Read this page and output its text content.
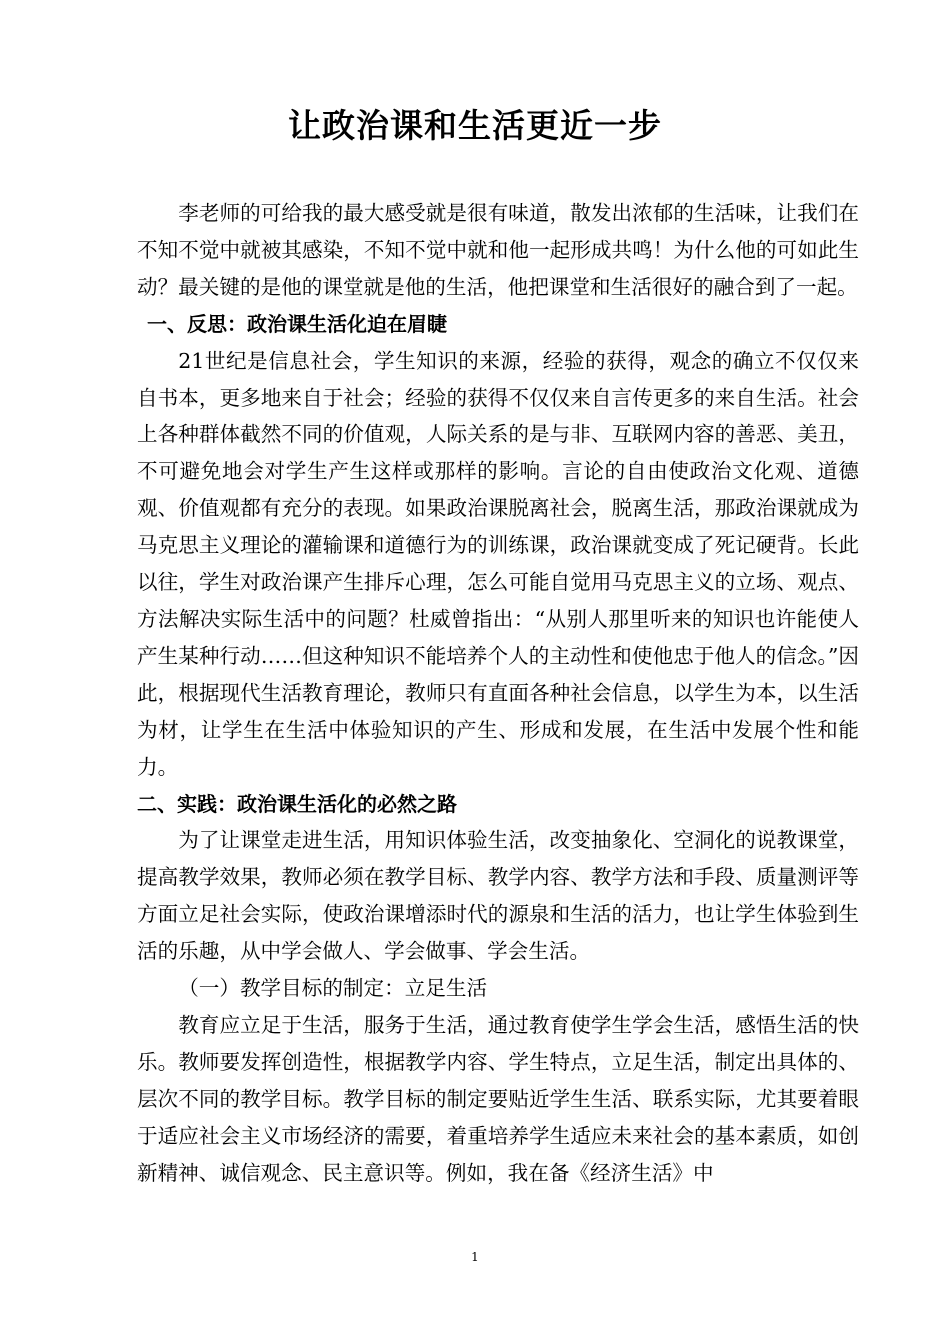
让政治课和生活更近一步

李老师的可给我的最大感受就是很有味道，散发出浓郁的生活味，让我们在不知不觉中就被其感染，不知不觉中就和他一起形成共鸣！为什么他的可如此生动？最关键的是他的课堂就是他的生活，他把课堂和生活很好的融合到了一起。

一、反思：政治课生活化迫在眉睫

21世纪是信息社会，学生知识的来源，经验的获得，观念的确立不仅仅来自书本，更多地来自于社会；经验的获得不仅仅来自言传更多的来自生活。社会上各种群体截然不同的价值观，人际关系的是与非、互联网内容的善恶、美丑，不可避免地会对学生产生这样或那样的影响。言论的自由使政治文化观、道德观、价值观都有充分的表现。如果政治课脱离社会，脱离生活，那政治课就成为马克思主义理论的灌输课和道德行为的训练课，政治课就变成了死记硬背。长此以往，学生对政治课产生排斥心理，怎么可能自觉用马克思主义的立场、观点、方法解决实际生活中的问题？杜威曾指出：“从别人那里听来的知识也许能使人产生某种行动……但这种知识不能培养个人的主动性和使他忠于他人的信念。”因此，根据现代生活教育理论，教师只有直面各种社会信息，以学生为本，以生活为材，让学生在生活中体验知识的产生、形成和发展，在生活中发展个性和能力。

二、实践：政治课生活化的必然之路

为了让课堂走进生活，用知识体验生活，改变抽象化、空洞化的说教课堂，提高教学效果，教师必须在教学目标、教学内容、教学方法和手段、质量测评等方面立足社会实际，使政治课增添时代的源泉和生活的活力，也让学生体验到生活的乐趣，从中学会做人、学会做事、学会生活。

（一）教学目标的制定：立足生活

教育应立足于生活，服务于生活，通过教育使学生学会生活，感悟生活的快乐。教师要发挥创造性，根据教学内容、学生特点，立足生活，制定出具体的、层次不同的教学目标。教学目标的制定要贴近学生生活、联系实际，尤其要着眼于适应社会主义市场经济的需要，着重培养学生适应未来社会的基本素质，如创新精神、诚信观念、民主意识等。例如，我在备《经济生活》中

1
